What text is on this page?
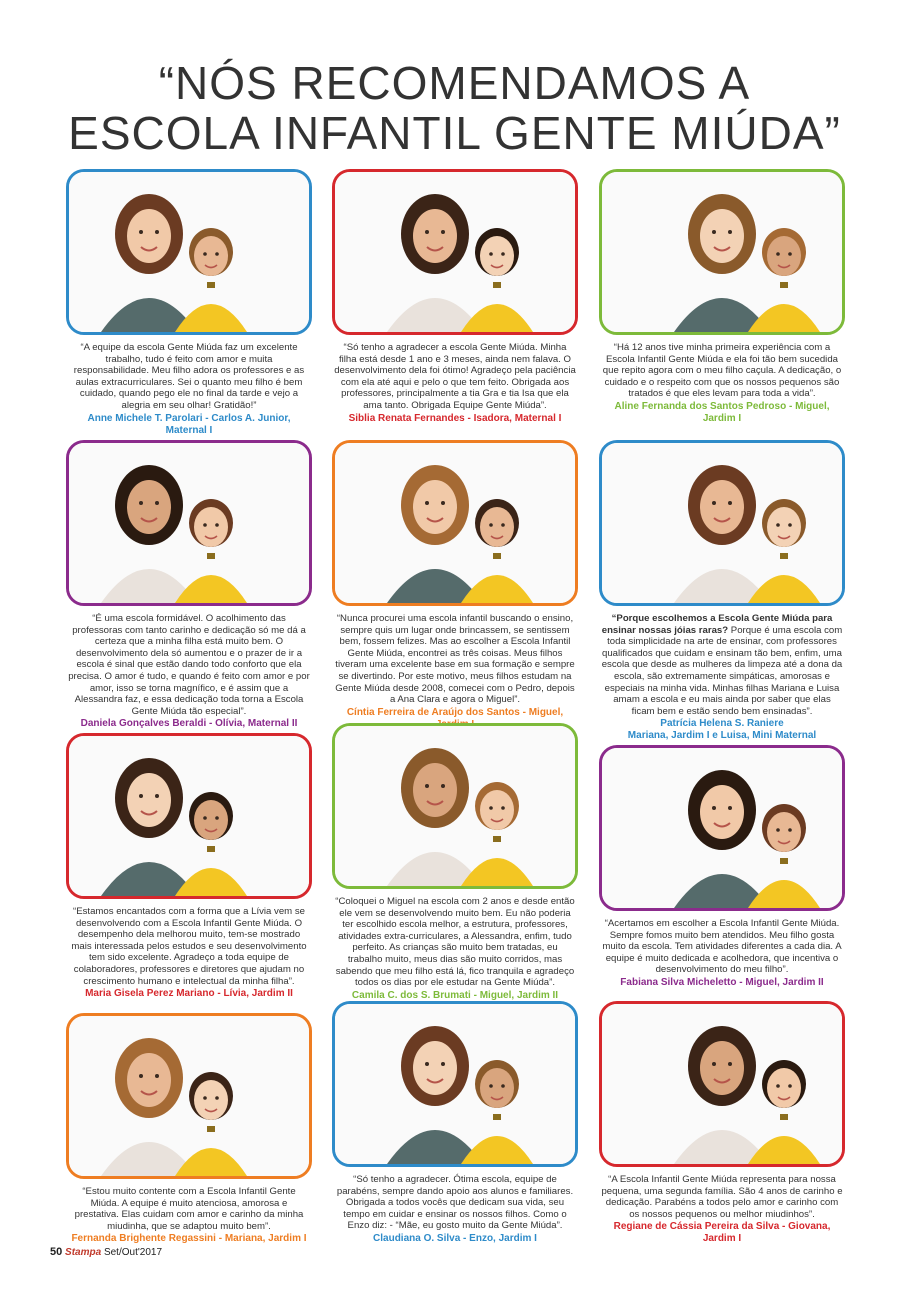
“NÓS RECOMENDAMOS A
ESCOLA INFANTIL GENTE MIÚDA”

“A equipe da escola Gente Miúda faz um excelente trabalho, tudo é feito com amor e muita responsabilidade. Meu filho adora os professores e as aulas extracurriculares. Sei o quanto meu filho é bem cuidado, quando pego ele no final da tarde e vejo a alegria em seu olhar! Gratidão!”

Anne Michele T. Parolari - Carlos A. Junior, Maternal I

“Só tenho a agradecer a escola Gente Miúda. Minha filha está desde 1 ano e 3 meses, ainda nem falava. O desenvolvimento dela foi ótimo! Agradeço pela paciência com ela até aqui e pelo o que tem feito. Obrigada aos professores, principalmente a tia Gra e tia Isa que ela ama tanto. Obrigada Equipe Gente Miúda”.

Siblia Renata Fernandes - Isadora, Maternal I

“Há 12 anos tive minha primeira experiência com a Escola Infantil Gente Miúda e ela foi tão bem sucedida que repito agora com o meu filho caçula. A dedicação, o cuidado e o respeito com que os nossos pequenos são tratados é que eles levam para toda a vida”.

Aline Fernanda dos Santos Pedroso - Miguel, Jardim I

“É uma escola formidável. O acolhimento das professoras com tanto carinho e dedicação só me dá a certeza que a minha filha está muito bem. O desenvolvimento dela só aumentou e o prazer de ir a escola é sinal que estão dando todo conforto que ela precisa. O amor é tudo, e quando é feito com amor e por amor, isso se torna magnífico, e é assim que a Alessandra faz, e essa dedicação toda torna a Escola Gente Miúda tão especial”.

Daniela Gonçalves Beraldi - Olívia, Maternal II

“Nunca procurei uma escola infantil buscando o ensino, sempre quis um lugar onde brincassem, se sentissem bem, fossem felizes. Mas ao escolher a Escola Infantil Gente Miúda, encontrei as três coisas. Meus filhos tiveram uma excelente base em sua formação e sempre se divertindo. Por este motivo, meus filhos estudam na Gente Miúda desde 2008, comecei com o Pedro, depois a Ana Clara e agora o Miguel”.

Cíntia Ferreira de Araújo dos Santos - Miguel,

“Porque escolhemos a Escola Gente Miúda para ensinar nossas jóias raras? Porque é uma escola com toda simplicidade na arte de ensinar, com professores qualificados que cuidam e ensinam tão bem, enfim, uma escola que desde as mulheres da limpeza até a dona da escola, são extremamente simpáticas, amorosas e especiais na minha vida. Minhas filhas Mariana e Luisa amam a escola e eu mais ainda por saber que elas ficam bem e estão sendo bem ensinadas”.

Patrícia Helena S. Raniere

Mariana, Jardim I e Luisa, Mini Maternal

“Estamos encantados com a forma que a Lívia vem se desenvolvendo com a Escola Infantil Gente Miúda. O desempenho dela melhorou muito, tem-se mostrado mais interessada pelos estudos e seu desenvolvimento tem sido excelente. Agradeço a toda equipe de colaboradores, professores e diretores que ajudam no crescimento humano e intelectual da minha filha”.

Maria Gisela Perez Mariano - Lívia, Jardim II

“Coloquei o Miguel na escola com 2 anos e desde então ele vem se desenvolvendo muito bem. Eu não poderia ter escolhido escola melhor, a estrutura, professores, atividades extra-curriculares, a Alessandra, enfim, tudo perfeito. As crianças são muito bem tratadas, eu trabalho muito, meus dias são muito corridos, mas sabendo que meu filho está lá, fico tranquila e agradeço todos os dias por ele estudar na Gente Miúda”.

Camila C. dos S. Brumati - Miguel, Jardim II

“Acertamos em escolher a Escola Infantil Gente Miúda. Sempre fomos muito bem atendidos. Meu filho gosta muito da escola. Tem atividades diferentes a cada dia. A equipe é muito dedicada e acolhedora, que incentiva o desenvolvimento do meu filho”.

Fabiana Silva Micheletto - Miguel, Jardim II

“Estou muito contente com a Escola Infantil Gente Miúda. A equipe é muito atenciosa, amorosa e prestativa. Elas cuidam com amor e carinho da minha miudinha, que se adaptou muito bem”.

Fernanda Brighente Regassini - Mariana, Jardim I

“Só tenho a agradecer. Ótima escola, equipe de parabéns, sempre dando apoio aos alunos e familiares. Obrigada a todos vocês que dedicam sua vida, seu tempo em cuidar e ensinar os nossos filhos. Como o Enzo diz: - “Mãe, eu gosto muito da Gente Miúda”.

Claudiana O. Silva - Enzo, Jardim I

“A Escola Infantil Gente Miúda representa para nossa pequena, uma segunda família. São 4 anos de carinho e dedicação. Parabéns a todos pelo amor e carinho com os nossos pequenos ou melhor miudinhos”.

Regiane de Cássia Pereira da Silva - Giovana, Jardim I

50 Stampa Set/Out'2017
